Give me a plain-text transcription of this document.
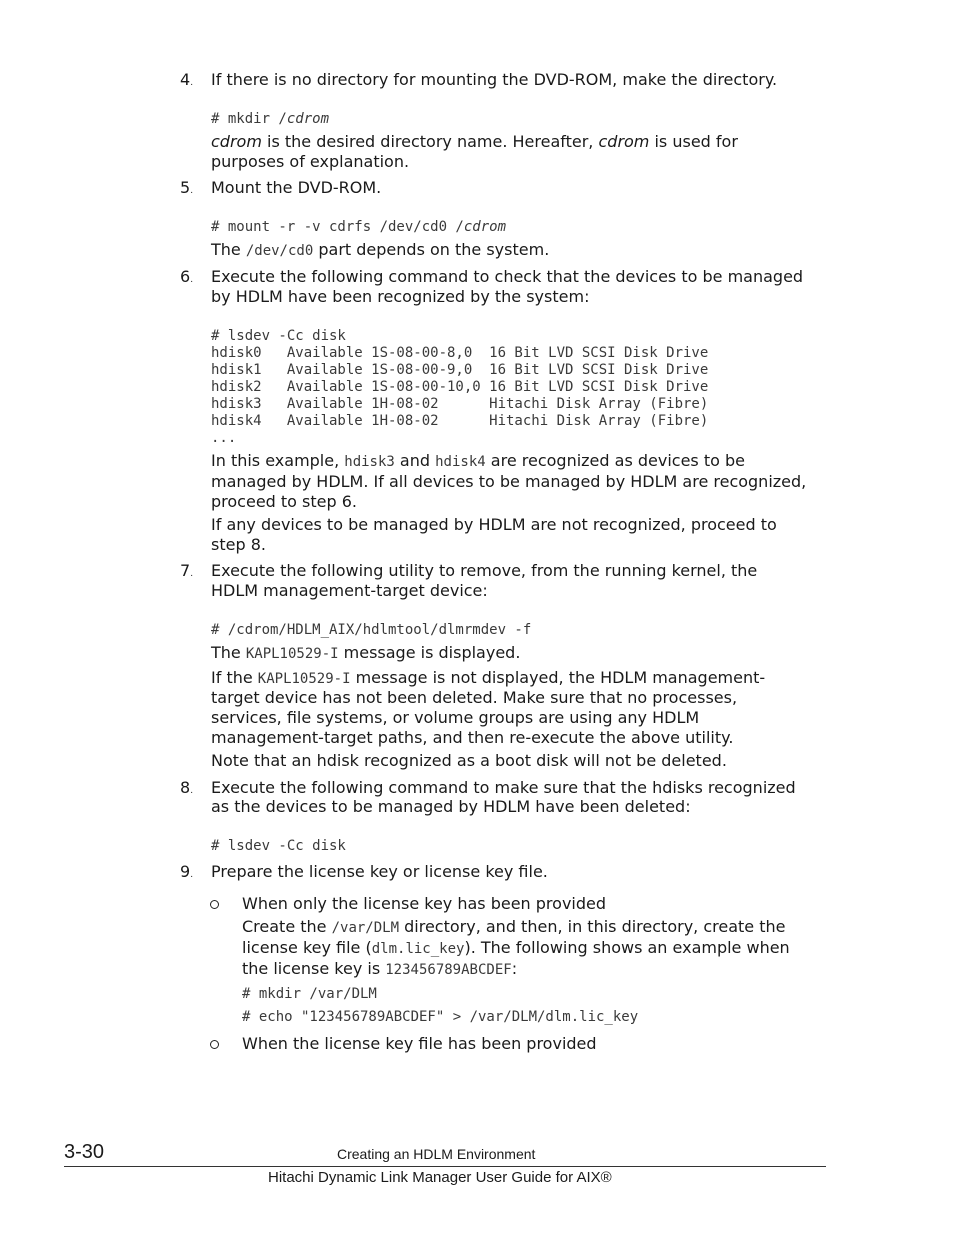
4. If there is no directory for mounting the DVD-ROM, make the directory.
# mkdir /cdrom
cdrom is the desired directory name. Hereafter, cdrom is used for
purposes of explanation.
5. Mount the DVD-ROM.
# mount -r -v cdrfs /dev/cd0 /cdrom
The /dev/cd0 part depends on the system.
6. Execute the following command to check that the devices to be managed
by HDLM have been recognized by the system:
# lsdev -Cc disk
hdisk0   Available 1S-08-00-8,0  16 Bit LVD SCSI Disk Drive
hdisk1   Available 1S-08-00-9,0  16 Bit LVD SCSI Disk Drive
hdisk2   Available 1S-08-00-10,0 16 Bit LVD SCSI Disk Drive
hdisk3   Available 1H-08-02      Hitachi Disk Array (Fibre)
hdisk4   Available 1H-08-02      Hitachi Disk Array (Fibre)
...
In this example, hdisk3 and hdisk4 are recognized as devices to be
managed by HDLM. If all devices to be managed by HDLM are recognized,
proceed to step 6.
If any devices to be managed by HDLM are not recognized, proceed to
step 8.
7. Execute the following utility to remove, from the running kernel, the
HDLM management-target device:
# /cdrom/HDLM_AIX/hdlmtool/dlmrmdev -f
The KAPL10529-I message is displayed.
If the KAPL10529-I message is not displayed, the HDLM management-
target device has not been deleted. Make sure that no processes,
services, file systems, or volume groups are using any HDLM
management-target paths, and then re-execute the above utility.
Note that an hdisk recognized as a boot disk will not be deleted.
8. Execute the following command to make sure that the hdisks recognized
as the devices to be managed by HDLM have been deleted:
# lsdev -Cc disk
9. Prepare the license key or license key file.
When only the license key has been provided
Create the /var/DLM directory, and then, in this directory, create the
license key file (dlm.lic_key). The following shows an example when
the license key is 123456789ABCDEF:
# mkdir /var/DLM
# echo "123456789ABCDEF" > /var/DLM/dlm.lic_key
When the license key file has been provided
3-30	Creating an HDLM Environment
Hitachi Dynamic Link Manager User Guide for AIX®
